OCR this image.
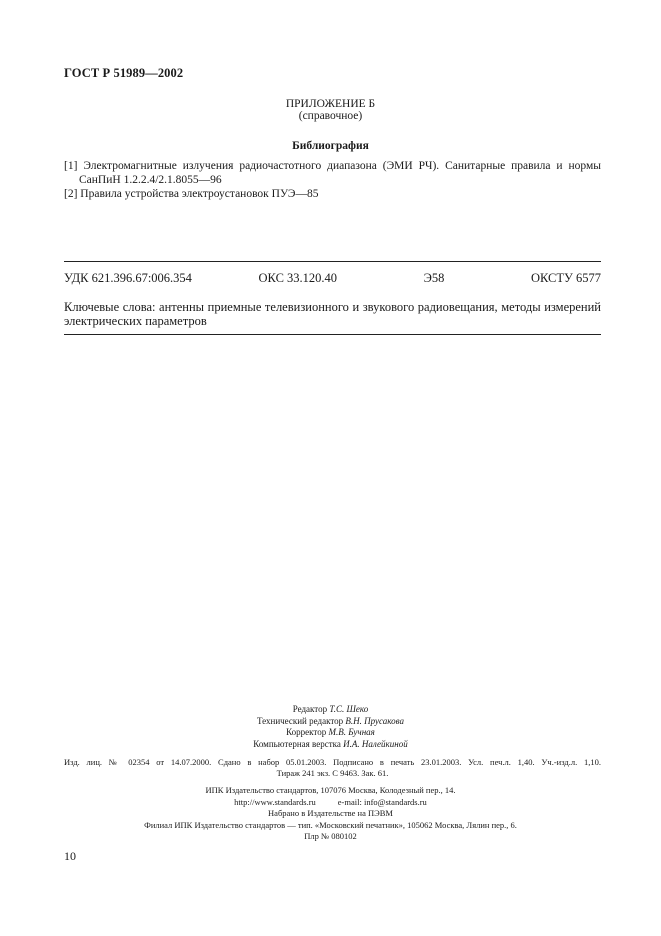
ГОСТ Р 51989—2002
ПРИЛОЖЕНИЕ Б
(справочное)
Библиография
[1] Электромагнитные излучения радиочастотного диапазона (ЭМИ РЧ). Санитарные правила и нормы
СанПиН 1.2.2.4/2.1.8055—96
[2] Правила устройства электроустановок ПУЭ—85
УДК 621.396.67:006.354	ОКС 33.120.40	Э58	ОКСТУ 6577
Ключевые слова: антенны приемные телевизионного и звукового радиовещания, методы измерений
электрических параметров
Редактор Т.С. Шеко
Технический редактор В.Н. Прусакова
Корректор М.В. Бучная
Компьютерная верстка И.А. Налейкиной
Изд. лиц. № 02354 от 14.07.2000. Сдано в набор 05.01.2003. Подписано в печать 23.01.2003. Усл. печ.л. 1,40. Уч.-изд.л. 1,10.
Тираж 241 экз. С 9463. Зак. 61.
ИПК Издательство стандартов, 107076 Москва, Колодезный пер., 14.
http://www.standards.ru	e-mail: info@standards.ru
Набрано в Издательстве на ПЭВМ
Филиал ИПК Издательство стандартов — тип. «Московский печатник», 105062 Москва, Лялин пер., 6.
Плр № 080102
10
